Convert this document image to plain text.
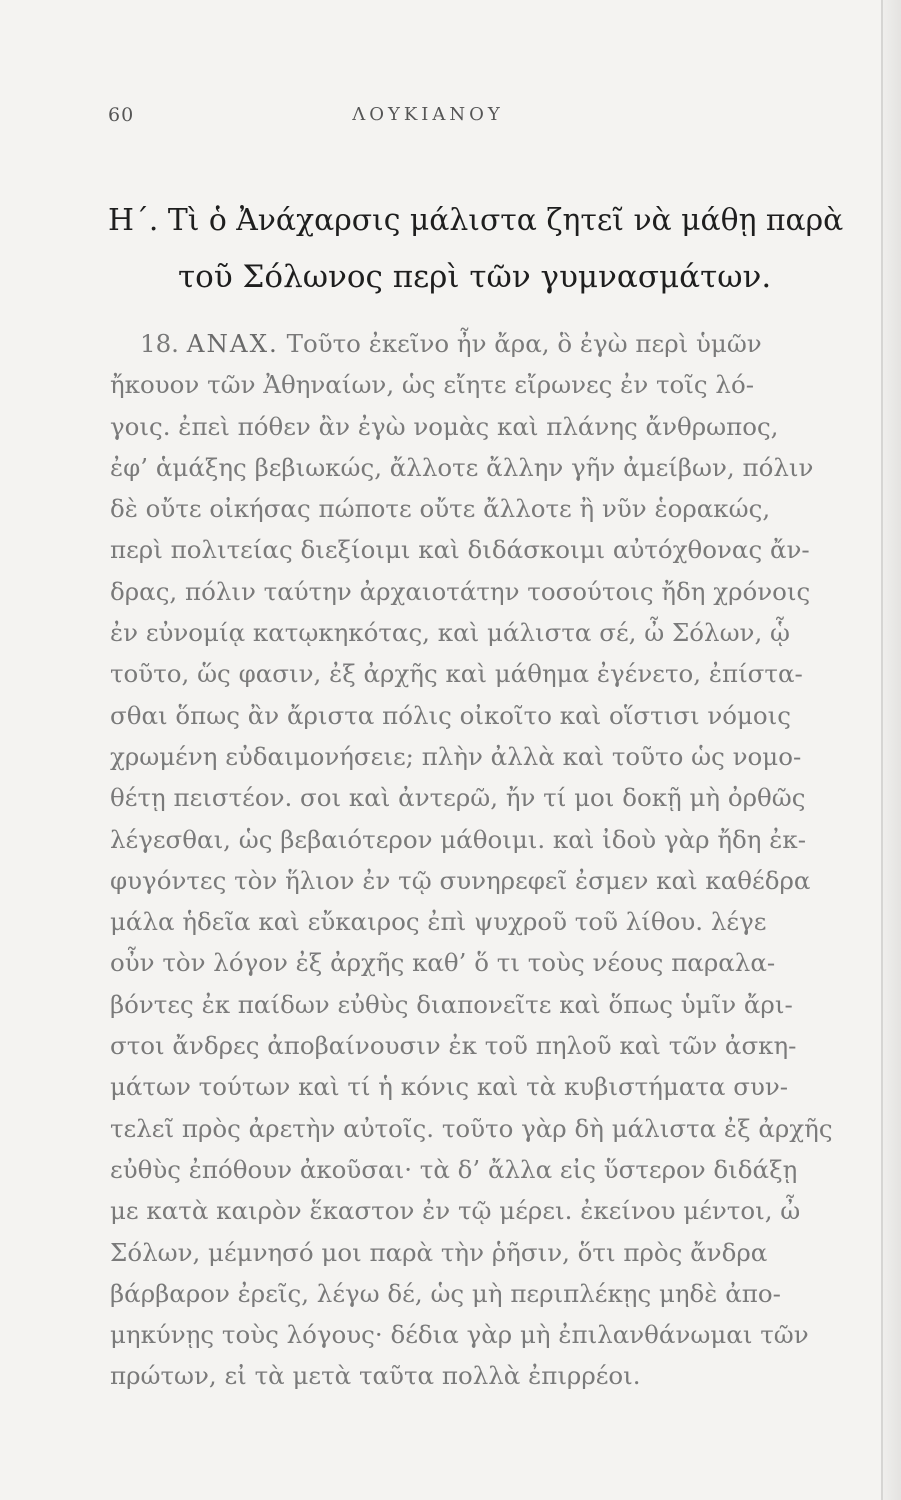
60	ΛΟΥΚΙΑΝΟΥ
Η΄. Τὶ ὁ Ἀνάχαρσις μάλιστα ζητεῖ νὰ μάθῃ παρὰ
τοῦ Σόλωνος περὶ τῶν γυμνασμάτων.
18. ΑΝΑΧ. Τοῦτο ἐκεῖνο ἦν ἄρα, ὃ ἐγὼ περὶ ὑμῶν
ἤκουον τῶν Ἀθηναίων, ὡς εἴητε εἴρωνες ἐν τοῖς λό-
γοις. ἐπεὶ πόθεν ἂν ἐγὼ νομὰς καὶ πλάνης ἄνθρωπος,
ἐφ’ ἁμάξης βεβιωκώς, ἄλλοτε ἄλλην γῆν ἀμείβων, πόλιν
δὲ οὔτε οἰκήσας πώποτε οὔτε ἄλλοτε ἢ νῦν ἑορακώς,
περὶ πολιτείας διεξίοιμι καὶ διδάσκοιμι αὐτόχθονας ἄν-
δρας, πόλιν ταύτην ἀρχαιοτάτην τοσούτοις ἤδη χρόνοις
ἐν εὐνομίᾳ κατῳκηκότας, καὶ μάλιστα σέ, ὦ Σόλων, ᾧ
τοῦτο, ὥς φασιν, ἐξ ἀρχῆς καὶ μάθημα ἐγένετο, ἐπίστα-
σθαι ὅπως ἂν ἄριστα πόλις οἰκοῖτο καὶ οἵστισι νόμοις
χρωμένη εὐδαιμονήσειε; πλὴν ἀλλὰ καὶ τοῦτο ὡς νομο-
θέτῃ πειστέον. σοι καὶ ἀντερῶ, ἤν τί μοι δοκῇ μὴ ὀρθῶς
λέγεσθαι, ὡς βεβαιότερον μάθοιμι. καὶ ἰδοὺ γὰρ ἤδη ἐκ-
φυγόντες τὸν ἥλιον ἐν τῷ συνηρεφεῖ ἐσμεν καὶ καθέδρα
μάλα ἡδεῖα καὶ εὔκαιρος ἐπὶ ψυχροῦ τοῦ λίθου. λέγε
οὖν τὸν λόγον ἐξ ἀρχῆς καθ’ ὅ τι τοὺς νέους παραλα-
βόντες ἐκ παίδων εὐθὺς διαπονεῖτε καὶ ὅπως ὑμῖν ἄρι-
στοι ἄνδρες ἀποβαίνουσιν ἐκ τοῦ πηλοῦ καὶ τῶν ἀσκη-
μάτων τούτων καὶ τί ἡ κόνις καὶ τὰ κυβιστήματα συν-
τελεῖ πρὸς ἀρετὴν αὐτοῖς. τοῦτο γὰρ δὴ μάλιστα ἐξ ἀρχῆς
εὐθὺς ἐπόθουν ἀκοῦσαι· τὰ δ’ ἄλλα εἰς ὕστερον διδάξῃ
με κατὰ καιρὸν ἕκαστον ἐν τῷ μέρει. ἐκείνου μέντοι, ὦ
Σόλων, μέμνησό μοι παρὰ τὴν ῥῆσιν, ὅτι πρὸς ἄνδρα
βάρβαρον ἐρεῖς, λέγω δέ, ὡς μὴ περιπλέκῃς μηδὲ ἀπο-
μηκύνῃς τοὺς λόγους· δέδια γὰρ μὴ ἐπιλανθάνωμαι τῶν
πρώτων, εἰ τὰ μετὰ ταῦτα πολλὰ ἐπιρρέοι.
